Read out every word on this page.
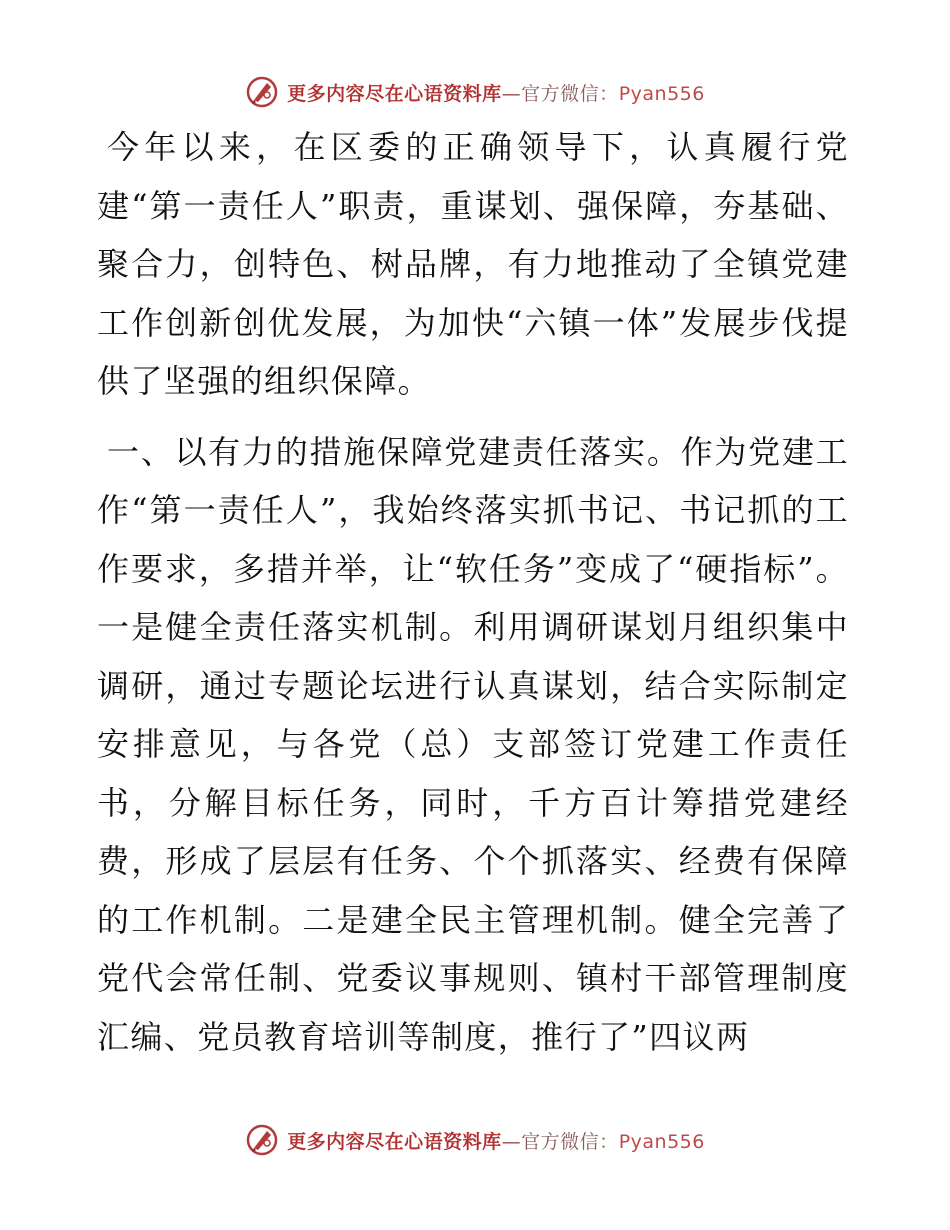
更多内容尽在心语资料库—官方微信：Pyan556

今年以来，在区委的正确领导下，认真履行党建“第一责任人”职责，重谋划、强保障，夯基础、聚合力，创特色、树品牌，有力地推动了全镇党建工作创新创优发展，为加快“六镇一体”发展步伐提供了坚强的组织保障。

一、以有力的措施保障党建责任落实。作为党建工作“第一责任人”，我始终落实抓书记、书记抓的工作要求，多措并举，让“软任务”变成了“硬指标”。一是健全责任落实机制。利用调研谋划月组织集中调研，通过专题论坛进行认真谋划，结合实际制定安排意见，与各党（总）支部签订党建工作责任书，分解目标任务，同时，千方百计筹措党建经费，形成了层层有任务、个个抓落实、经费有保障的工作机制。二是建全民主管理机制。健全完善了党代会常任制、党委议事规则、镇村干部管理制度汇编、党员教育培训等制度，推行了”四议两

更多内容尽在心语资料库—官方微信：Pyan556
